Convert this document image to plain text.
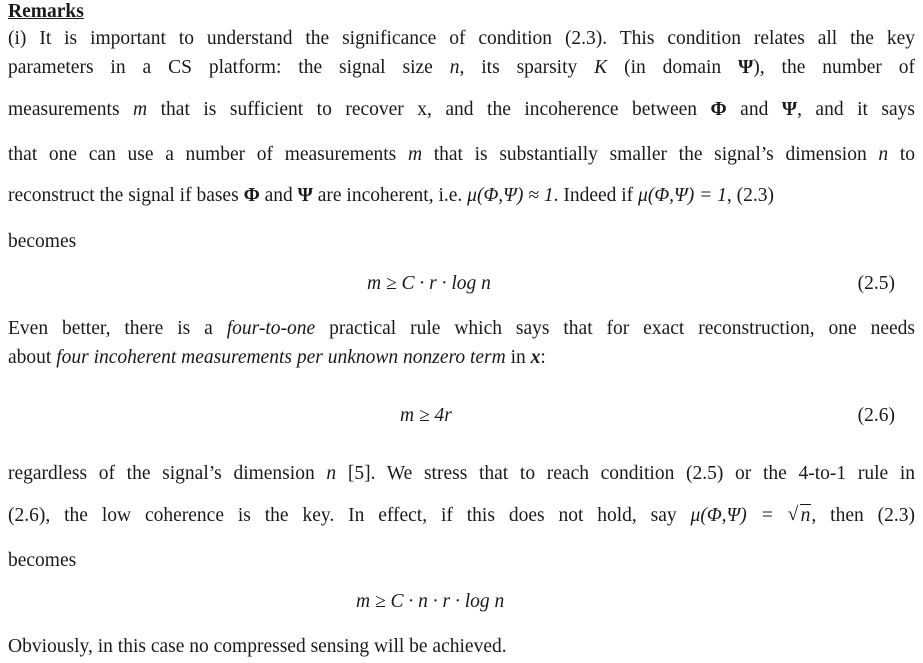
Remarks
(i) It is important to understand the significance of condition (2.3). This condition relates all the key
parameters in a CS platform: the signal size n, its sparsity K (in domain Ψ), the number of
measurements m that is sufficient to recover x, and the incoherence between Φ and Ψ, and it says
that one can use a number of measurements m that is substantially smaller the signal’s dimension n to
reconstruct the signal if bases Φ and Ψ are incoherent, i.e. μ(Φ,Ψ) ≈ 1. Indeed if μ(Φ,Ψ) = 1, (2.3)
becomes
m ≥ C · r · log n	(2.5)
Even better, there is a four-to-one practical rule which says that for exact reconstruction, one needs
about four incoherent measurements per unknown nonzero term in x:
m ≥ 4r	(2.6)
regardless of the signal’s dimension n [5]. We stress that to reach condition (2.5) or the 4-to-1 rule in
(2.6), the low coherence is the key. In effect, if this does not hold, say μ(Φ,Ψ) = √ n, then (2.3)
becomes
m ≥ C · n · r · log n
Obviously, in this case no compressed sensing will be achieved.
